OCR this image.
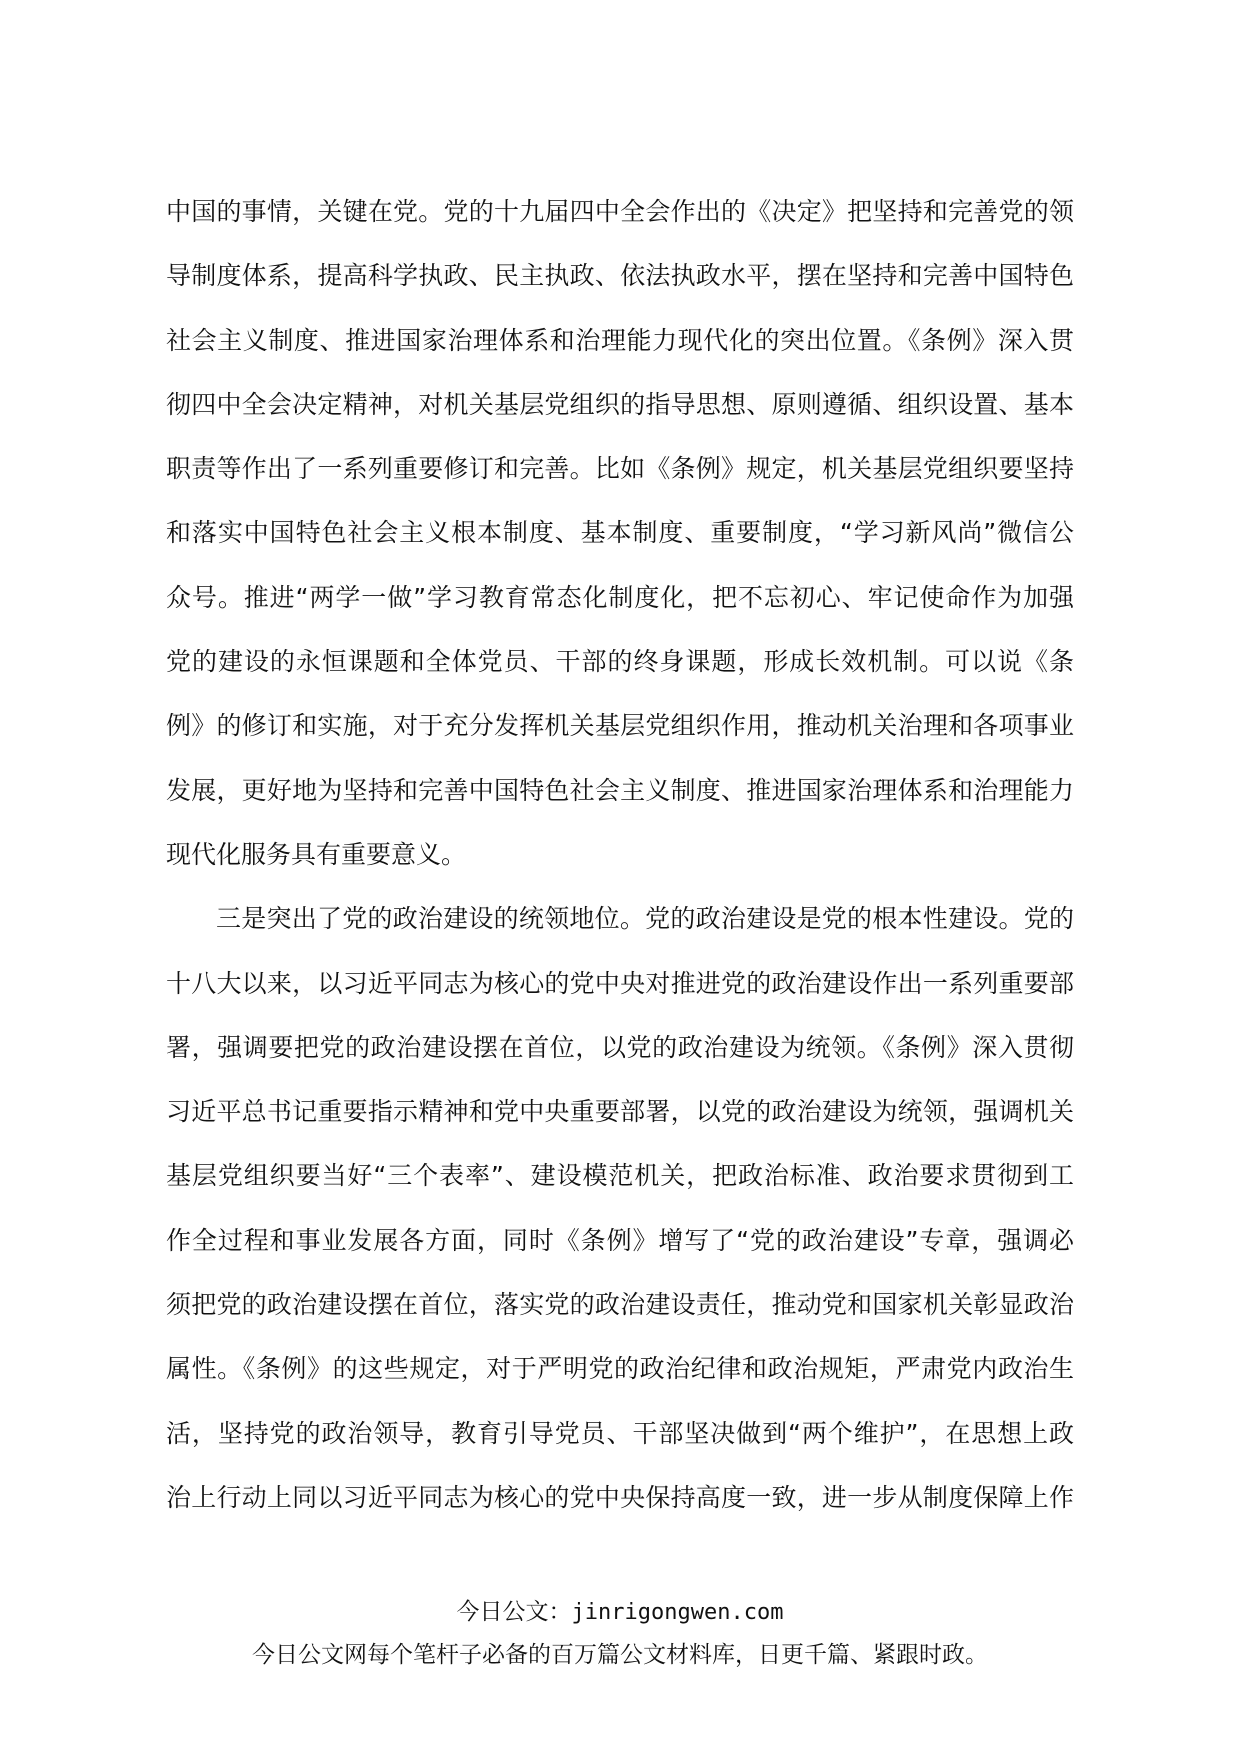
中国的事情，关键在党。党的十九届四中全会作出的《决定》把坚持和完善党的领
导制度体系，提高科学执政、民主执政、依法执政水平，摆在坚持和完善中国特色
社会主义制度、推进国家治理体系和治理能力现代化的突出位置。《条例》深入贯
彻四中全会决定精神，对机关基层党组织的指导思想、原则遵循、组织设置、基本
职责等作出了一系列重要修订和完善。比如《条例》规定，机关基层党组织要坚持
和落实中国特色社会主义根本制度、基本制度、重要制度，“学习新风尚”微信公
众号。推进“两学一做”学习教育常态化制度化，把不忘初心、牢记使命作为加强
党的建设的永恒课题和全体党员、干部的终身课题，形成长效机制。可以说《条
例》的修订和实施，对于充分发挥机关基层党组织作用，推动机关治理和各项事业
发展，更好地为坚持和完善中国特色社会主义制度、推进国家治理体系和治理能力
现代化服务具有重要意义。
三是突出了党的政治建设的统领地位。党的政治建设是党的根本性建设。党的
十八大以来，以习近平同志为核心的党中央对推进党的政治建设作出一系列重要部
署，强调要把党的政治建设摆在首位，以党的政治建设为统领。《条例》深入贯彻
习近平总书记重要指示精神和党中央重要部署，以党的政治建设为统领，强调机关
基层党组织要当好“三个表率”、建设模范机关，把政治标准、政治要求贯彻到工
作全过程和事业发展各方面，同时《条例》增写了“党的政治建设”专章，强调必
须把党的政治建设摆在首位，落实党的政治建设责任，推动党和国家机关彰显政治
属性。《条例》的这些规定，对于严明党的政治纪律和政治规矩，严肃党内政治生
活，坚持党的政治领导，教育引导党员、干部坚决做到“两个维护”，在思想上政
治上行动上同以习近平同志为核心的党中央保持高度一致，进一步从制度保障上作
今日公文：jinrigongwen.com
今日公文网每个笔杆子必备的百万篇公文材料库，日更千篇、紧跟时政。
